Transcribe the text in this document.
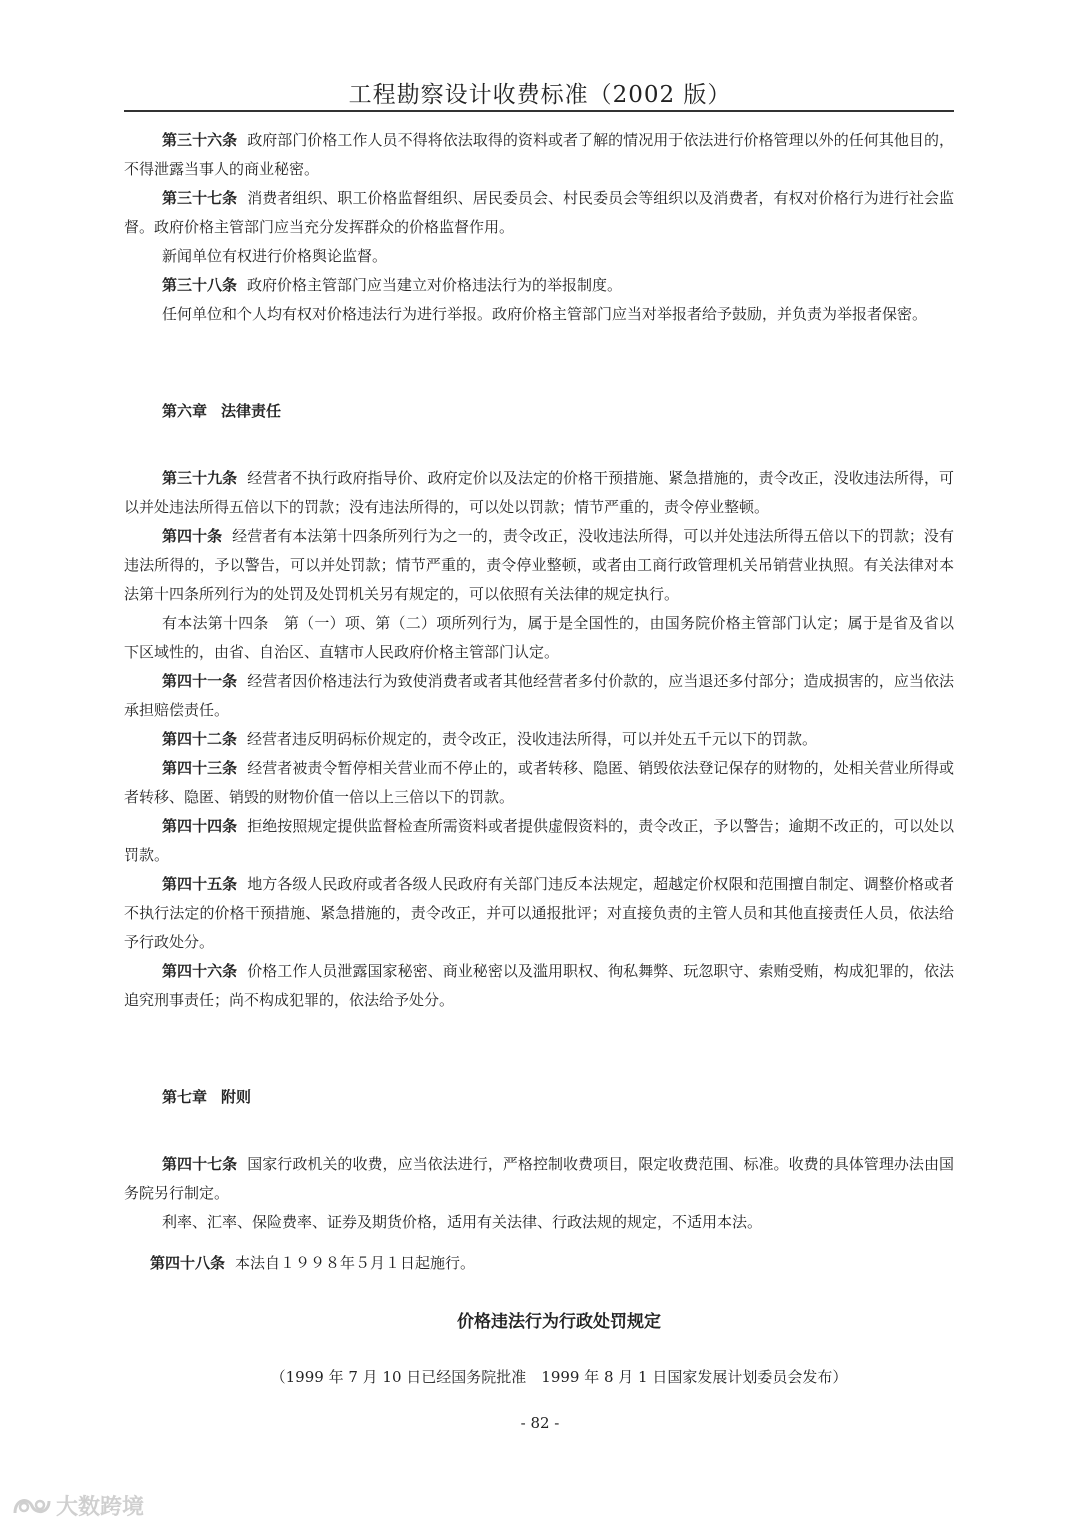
工程勘察设计收费标准（2002 版）

第三十六条 政府部门价格工作人员不得将依法取得的资料或者了解的情况用于依法进行价格管理以外的任何其他目的，不得泄露当事人的商业秘密。

第三十七条 消费者组织、职工价格监督组织、居民委员会、村民委员会等组织以及消费者，有权对价格行为进行社会监督。政府价格主管部门应当充分发挥群众的价格监督作用。

新闻单位有权进行价格舆论监督。

第三十八条 政府价格主管部门应当建立对价格违法行为的举报制度。

任何单位和个人均有权对价格违法行为进行举报。政府价格主管部门应当对举报者给予鼓励，并负责为举报者保密。

第六章 法律责任

第三十九条 经营者不执行政府指导价、政府定价以及法定的价格干预措施、紧急措施的，责令改正，没收违法所得，可以并处违法所得五倍以下的罚款；没有违法所得的，可以处以罚款；情节严重的，责令停业整顿。

第四十条 经营者有本法第十四条所列行为之一的，责令改正，没收违法所得，可以并处违法所得五倍以下的罚款；没有违法所得的，予以警告，可以并处罚款；情节严重的，责令停业整顿，或者由工商行政管理机关吊销营业执照。有关法律对本法第十四条所列行为的处罚及处罚机关另有规定的，可以依照有关法律的规定执行。

有本法第十四条　第（一）项、第（二）项所列行为，属于是全国性的，由国务院价格主管部门认定；属于是省及省以下区域性的，由省、自治区、直辖市人民政府价格主管部门认定。

第四十一条 经营者因价格违法行为致使消费者或者其他经营者多付价款的，应当退还多付部分；造成损害的，应当依法承担赔偿责任。

第四十二条 经营者违反明码标价规定的，责令改正，没收违法所得，可以并处五千元以下的罚款。

第四十三条 经营者被责令暂停相关营业而不停止的，或者转移、隐匿、销毁依法登记保存的财物的，处相关营业所得或者转移、隐匿、销毁的财物价值一倍以上三倍以下的罚款。

第四十四条 拒绝按照规定提供监督检查所需资料或者提供虚假资料的，责令改正，予以警告；逾期不改正的，可以处以罚款。

第四十五条 地方各级人民政府或者各级人民政府有关部门违反本法规定，超越定价权限和范围擅自制定、调整价格或者不执行法定的价格干预措施、紧急措施的，责令改正，并可以通报批评；对直接负责的主管人员和其他直接责任人员，依法给予行政处分。

第四十六条 价格工作人员泄露国家秘密、商业秘密以及滥用职权、徇私舞弊、玩忽职守、索贿受贿，构成犯罪的，依法追究刑事责任；尚不构成犯罪的，依法给予处分。

第七章 附则

第四十七条 国家行政机关的收费，应当依法进行，严格控制收费项目，限定收费范围、标准。收费的具体管理办法由国务院另行制定。

利率、汇率、保险费率、证券及期货价格，适用有关法律、行政法规的规定，不适用本法。

第四十八条 本法自１９９８年５月１日起施行。

价格违法行为行政处罚规定
（1999 年 7 月 10 日已经国务院批准　1999 年 8 月 1 日国家发展计划委员会发布）
- 82 -
大数跨境
